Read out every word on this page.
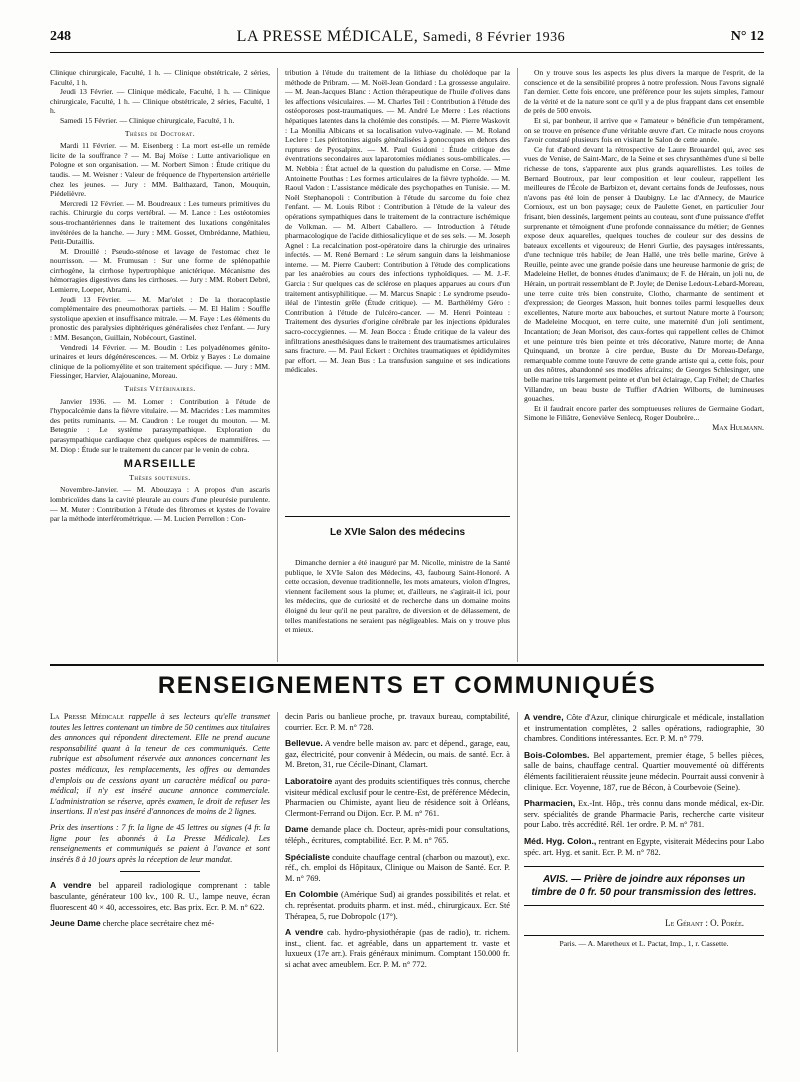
248	LA PRESSE MÉDICALE, Samedi, 8 Février 1936	N° 12

Clinique chirurgicale, Faculté, 1 h. — Clinique obstétricale, 2 séries, Faculté, 1 h.

Jeudi 13 Février. — Clinique médicale, Faculté, 1 h. — Clinique chirurgicale, Faculté, 1 h. — Clinique obstétricale, 2 séries, Faculté, 1 h.

Samedi 15 Février. — Clinique chirurgicale, Faculté, 1 h.

Thèses de Doctorat.

Mardi 11 Février. — M. Eisenberg : La mort est-elle un remède licite de la souffrance ? — M. Baj Moïse : Lutte antivariolique en Pologne et son organisation. — M. Norbert Simon : Étude critique du taudis. — M. Weisner : Valeur de fréquence de l'hypertension artérielle chez les jeunes. — Jury : MM. Balthazard, Tanon, Mouquin, Piédelièvre.

Mercredi 12 Février. — M. Boudreaux : Les tumeurs primitives du rachis. Chirurgie du corps vertébral. — M. Lance : Les ostéotomies sous-trochantériennes dans le traitement des luxations congénitales invétérées de la hanche. — Jury : MM. Gosset, Ombrédanne, Mathieu, Petit-Dutaillis.

M. Drouillé : Pseudo-sténose et lavage de l'estomac chez le nourrisson. — M. Frumusan : Sur une forme de splénopathie cirrhogène, la cirrhose hypertrophique anictérique. Mécanisme des hémorragies digestives dans les cirrhoses. — Jury : MM. Robert Debré, Lemierre, Loeper, Abrami.

Jeudi 13 Février. — M. Mar'olet : De la thoracoplastie complémentaire des pneumothorax partiels. — M. El Halim : Souffle systolique apexien et insuffisance mitrale. — M. Faye : Les éléments du pronostic des paralysies diphtériques généralisées chez l'enfant. — Jury : MM. Besançon, Guillain, Nobécourt, Gastinel.

Vendredi 14 Février. — M. Boudin : Les polyadénomes génito-urinaires et leurs dégénérescences. — M. Orbiz y Bayes : Le domaine clinique de la poliomyélite et son traitement spécifique. — Jury : MM. Fiessinger, Harvier, Alajouanine, Moreau.

Thèses Vétérinaires.

Janvier 1936. — M. Lomer : Contribution à l'étude de l'hypocalcémie dans la fièvre vitulaire. — M. Macrides : Les mammites des petits ruminants. — M. Caudron : Le rouget du mouton. — M. Betegnie : Le système parasympathique. Exploration du parasympathique cardiaque chez quelques espèces de mammifères. — M. Diop : Étude sur le traitement du cancer par le venin de cobra.

MARSEILLE

Thèses soutenues.

Novembre-Janvier. — M. Abouzaya : A propos d'un ascaris lombricoïdes dans la cavité pleurale au cours d'une pleurésie purulente. — M. Muter : Contribution à l'étude des fibromes et kystes de l'ovaire par la méthode interférométrique. — M. Lucien Perrellon : Con-

tribution à l'étude du traitement de la lithiase du cholédoque par la méthode de Pribram. — M. Noël-Jean Gondard : La grossesse angulaire. — M. Jean-Jacques Blanc : Action thérapeutique de l'huile d'olives dans les affections vésiculaires. — M. Charles Teil : Contribution à l'étude des ostéoporoses post-traumatiques. — M. André Le Merre : Les réactions hépatiques latentes dans la cholémie des constipés. — M. Pierre Waskovit : La Monilia Albicans et sa localisation vulvo-vaginale. — M. Roland Leclere : Les péritonites aiguës généralisées à gonocoques en dehors des ruptures de Pyosalpinx. — M. Paul Guidoni : Étude critique des éventrations secondaires aux laparotomies médianes sous-ombilicales. — M. Nebbia : État actuel de la question du paludisme en Corse. — Mme Antoinette Pouthas : Les formes articulaires de la fièvre typhoïde. — M. Raoul Vadon : L'assistance médicale des psychopathes en Tunisie. — M. Noël Stephanopoli : Contribution à l'étude du sarcome du foie chez l'enfant. — M. Louis Ribot : Contribution à l'étude de la valeur des opérations sympathiques dans le traitement de la contracture ischémique de Volkman. — M. Albert Caballero. — Introduction à l'étude pharmacologique de l'acide dithiosalicylique et de ses sels. — M. Joseph Agnel : La recalcination post-opératoire dans la chirurgie des urinaires infectés. — M. René Bernard : Le sérum sanguin dans la leishmaniose interne. — M. Pierre Caubert: Contribution à l'étude des complications par les anaérobies au cours des infections typhoïdiques. — M. J.-F. Garcia : Sur quelques cas de sclérose en plaques apparues au cours d'un traitement antisyphilitique. — M. Marcus Snapic : Le syndrome pseudo-iléal de l'intestin grêle (Étude critique). — M. Barthélémy Géro : Contribution à l'étude de l'ulcéro-cancer. — M. Henri Pointeau : Traitement des dysuries d'origine cérébrale par les injections épidurales sacro-coccygiennes. — M. Jean Bocca : Étude critique de la valeur des infiltrations anesthésiques dans le traitement des traumatismes articulaires sans fracture. — M. Paul Eckert : Orchites traumatiques et épididymites par effort. — M. Jean Bus : La transfusion sanguine et ses indications médicales.

Le XVIe Salon des médecins

Dimanche dernier a été inauguré par M. Nicolle, ministre de la Santé publique, le XVIe Salon des Médecins, 43, faubourg Saint-Honoré. A cette occasion, devenue traditionnelle, les mots amateurs, violon d'Ingres, viennent facilement sous la plume; et, d'ailleurs, ne s'agirait-il ici, pour les médecins, que de curiosité et de recherche dans un domaine moins éloigné du leur qu'il ne peut paraître, de diversion et de délassement, de telles manifestations ne seraient pas négligeables. Mais on y trouve plus et mieux.

On y trouve sous les aspects les plus divers la marque de l'esprit, de la conscience et de la sensibilité propres à notre profession. Nous l'avons signalé l'an dernier. Cette fois encore, une préférence pour les sujets simples, l'amour de la vérité et de la nature sont ce qu'il y a de plus frappant dans cet ensemble de près de 500 envois.

Et si, par bonheur, il arrive que « l'amateur » bénéficie d'un tempérament, on se trouve en présence d'une véritable œuvre d'art. Ce miracle nous croyons l'avoir constaté plusieurs fois en visitant le Salon de cette année.

Ce fut d'abord devant la rétrospective de Laure Brouardel qui, avec ses vues de Venise, de Saint-Marc, de la Seine et ses chrysanthèmes d'une si belle richesse de tons, s'apparente aux plus grands aquarellistes. Les toiles de Bernard Boutroux, par leur composition et leur couleur, rappellent les meilleures de l'École de Barbizon et, devant certains fonds de Jeufosses, nous n'avons pas été loin de penser à Daubigny. Le lac d'Annecy, de Maurice Cornioux, est un bon paysage; ceux de Paulette Genet, en particulier Jour frisant, bien dessinés, largement peints au couteau, sont d'une puissance d'effet surprenante et témoignent d'une profonde connaissance du métier; de Gennes expose deux aquarelles, quelques touches de couleur sur des dessins de bateaux excellents et vigoureux; de Henri Gurlie, des paysages intéressants, d'une technique très habile; de Jean Hallé, une très belle marine, Grève à Reuille, peinte avec une grande poésie dans une heureuse harmonie de gris; de Madeleine Hellet, de bonnes études d'animaux; de F. de Hérain, un joli nu, de Hérain, un portrait ressemblant de P. Joyle; de Denise Ledoux-Lebard-Moreau, une terre cuite très bien construite, Clotho, charmante de sentiment et d'expression; de Georges Masson, huit bonnes toiles parmi lesquelles deux excellentes, Nature morte aux babouches, et surtout Nature morte à l'ourson; de Madeleine Mocquot, en terre cuite, une maternité d'un joli sentiment, Incantation; de Jean Morisot, des caux-fortes qui rappellent celles de Chimot et une peinture très bien peinte et très décorative, Nature morte; de Anna Quinquand, un bronze à cire perdue, Buste du Dr Moreau-Defarge, remarquable comme toute l'œuvre de cette grande artiste qui a, cette fois, pour un des nôtres, abandonné ses modèles africains; de Georges Schlesinger, une belle marine très largement peinte et d'un bel éclairage, Cap Fréhel; de Charles Villandre, un beau buste de Tuffier d'Adrien Wilborts, de lumineuses gouaches.

Et il faudrait encore parler des somptueuses reliures de Germaine Godart, Simone le Filiâtre, Geneviève Senlecq, Roger Doubrère...

Max Hulmann.

RENSEIGNEMENTS ET COMMUNIQUÉS

La Presse Médicale rappelle à ses lecteurs qu'elle transmet toutes les lettres contenant un timbre de 50 centimes aux titulaires des annonces qui répondent directement. Elle ne prend aucune responsabilité quant à la teneur de ces communiqués. Cette rubrique est absolument réservée aux annonces concernant les postes médicaux, les remplacements, les offres ou demandes d'emplois ou de cessions ayant un caractère médical ou para-médical; il n'y est inséré aucune annonce commerciale. L'administration se réserve, après examen, le droit de refuser les insertions. Il n'est pas inséré d'annonces de moins de 2 lignes.

Prix des insertions : 7 fr. la ligne de 45 lettres ou signes (4 fr. la ligne pour les abonnés à La Presse Médicale). Les renseignements et communiqués se paient à l'avance et sont insérés 8 à 10 jours après la réception de leur mandat.

A vendre bel appareil radiologique comprenant : table basculante, générateur 100 kv., 100 R. U., lampe neuve, écran fluorescent 40 × 40, accessoires, etc. Bas prix. Ecr. P. M. n° 622.

Jeune Dame cherche place secrétaire chez mé-

decin Paris ou banlieue proche, pr. travaux bureau, comptabilité, courrier. Ecr. P. M. n° 728.

Bellevue. A vendre belle maison av. parc et dépend., garage, eau, gaz, électricité, pour convenir à Médecin, ou mais. de santé. Ecr. à M. Breton, 31, rue Cécile-Dinant, Clamart.

Laboratoire ayant des produits scientifiques très connus, cherche visiteur médical exclusif pour le centre-Est, de préférence Médecin, Pharmacien ou Chimiste, ayant lieu de résidence soit à Orléans, Clermont-Ferrand ou Dijon. Ecr. P. M. n° 761.

Dame demande place ch. Docteur, après-midi pour consultations, téléph., écritures, comptabilité. Ecr. P. M. n° 765.

Spécialiste conduite chauffage central (charbon ou mazout), exc. réf., ch. emploi ds Hôpitaux, Clinique ou Maison de Santé. Ecr. P. M. n° 769.

En Colombie (Amérique Sud) ai grandes possibilités et relat. et ch. représentat. produits pharm. et inst. méd., chirurgicaux. Ecr. Sté Thérapea, 5, rue Dobropolc (17°).

A vendre cab. hydro-physiothérapie (pas de radio), tr. richem. inst., client. fac. et agréable, dans un appartement tr. vaste et luxueux (17e arr.). Frais généraux minimum. Comptant 150.000 fr. si achat avec ameublem. Ecr. P. M. n° 772.

A vendre, Côte d'Azur, clinique chirurgicale et médicale, installation et instrumentation complètes, 2 salles opérations, radiographie, 30 chambres. Conditions intéressantes. Ecr. P. M. n° 779.

Bois-Colombes. Bel appartement, premier étage, 5 belles pièces, salle de bains, chauffage central. Quartier mouvementé où différents éléments facilitieraient réussite jeune médecin. Pourrait aussi convenir à clinique. Ecr. Voyenne, 187, rue de Bécon, à Courbevoie (Seine).

Pharmacien, Ex.-Int. Hôp., très connu dans monde médical, ex-Dir. serv. spécialités de grande Pharmacie Paris, recherche carte visiteur pour Labo. très accrédité. Rél. 1er ordre. P. M. n° 781.

Méd. Hyg. Colon., rentrant en Egypte, visiterait Médecins pour Labo spéc. art. Hyg. et sanit. Ecr. P. M. n° 782.

AVIS. — Prière de joindre aux réponses un timbre de 0 fr. 50 pour transmission des lettres.
Le Gérant : O. Porée.
Paris. — A. Maretheux et L. Pactat, Imp., 1, r. Cassette.
